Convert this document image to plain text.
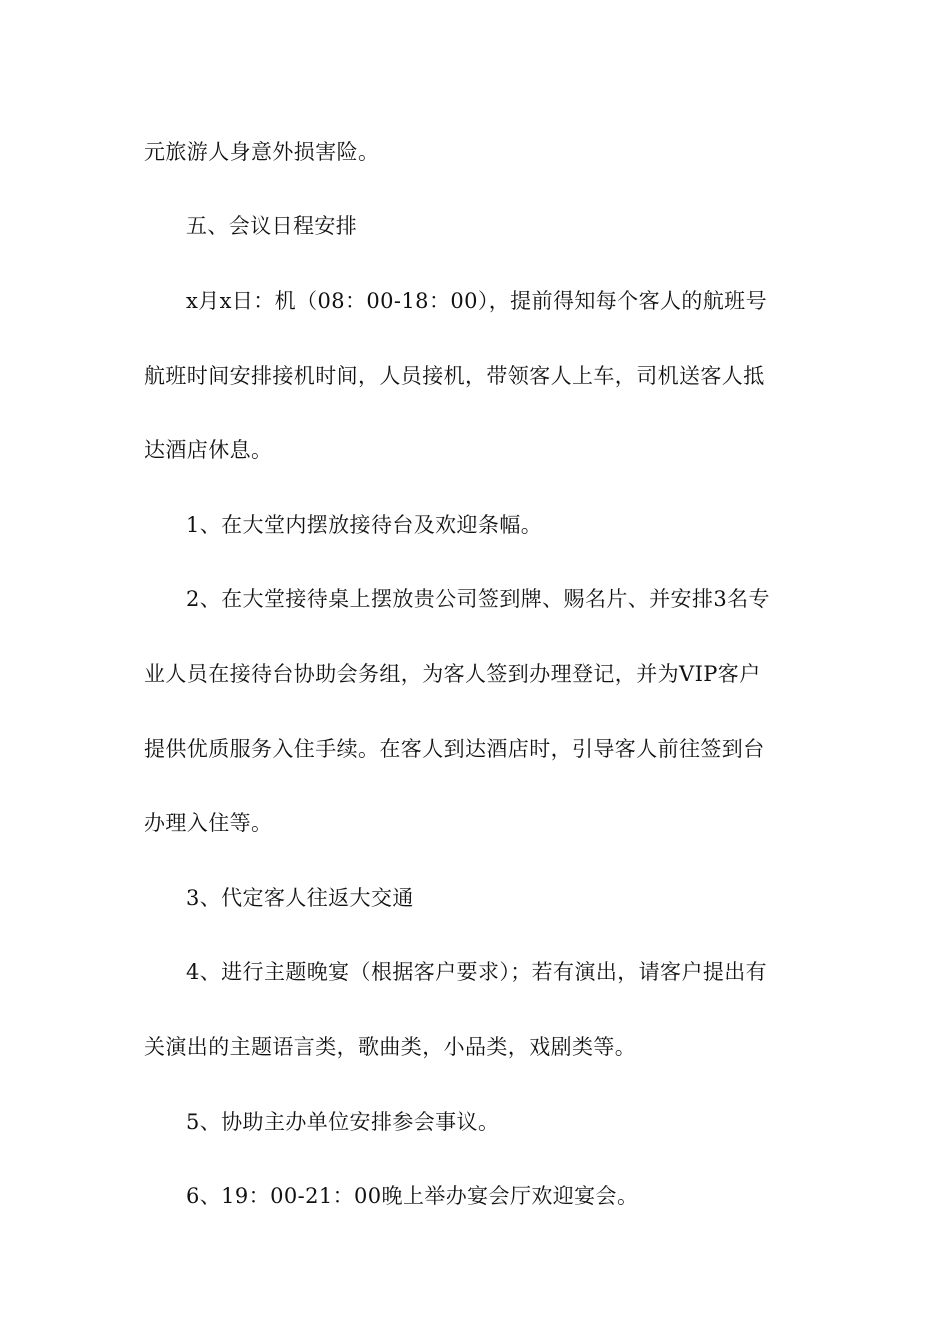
元旅游人身意外损害险。
五、会议日程安排
x月x日：机（08：00-18：00），提前得知每个客人的航班号
航班时间安排接机时间，人员接机，带领客人上车，司机送客人抵
达酒店休息。
1、在大堂内摆放接待台及欢迎条幅。
2、在大堂接待桌上摆放贵公司签到牌、赐名片、并安排3名专
业人员在接待台协助会务组，为客人签到办理登记，并为VIP客户
提供优质服务入住手续。在客人到达酒店时，引导客人前往签到台
办理入住等。
3、代定客人往返大交通
4、进行主题晚宴（根据客户要求）；若有演出，请客户提出有
关演出的主题语言类，歌曲类，小品类，戏剧类等。
5、协助主办单位安排参会事议。
6、19：00-21：00晚上举办宴会厅欢迎宴会。
